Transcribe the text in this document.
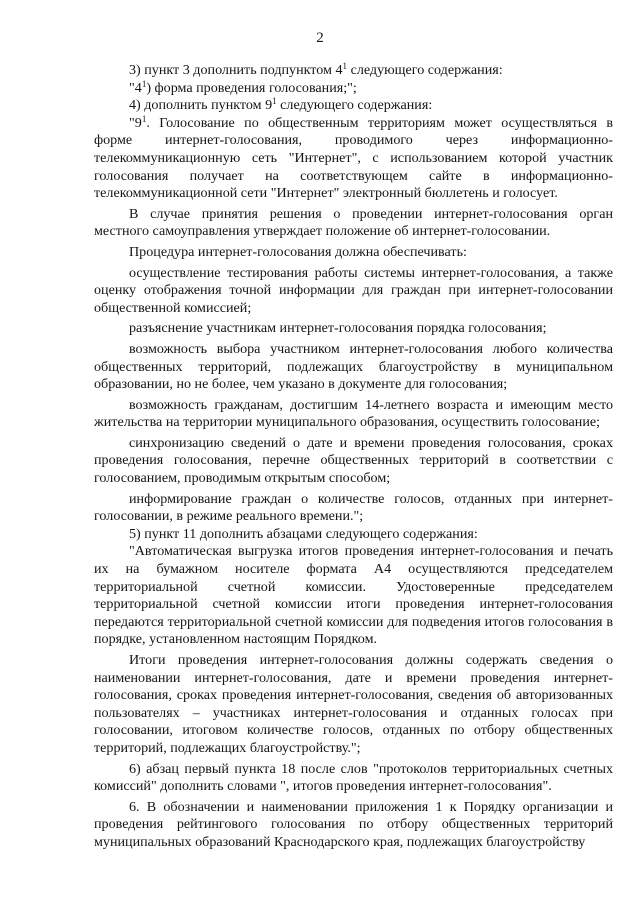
2

3) пункт 3 дополнить подпунктом $4^1$ следующего содержания:

"$4^1$) форма проведения голосования;";

4) дополнить пунктом $9^1$ следующего содержания:

"$9^1$. Голосование по общественным территориям может осуществляться в форме интернет-голосования, проводимого через информационно-телекоммуникационную сеть "Интернет", с использованием которой участник голосования получает на соответствующем сайте в информационно-телекоммуникационной сети "Интернет" электронный бюллетень и голосует.

В случае принятия решения о проведении интернет-голосования орган местного самоуправления утверждает положение об интернет-голосовании.

Процедура интернет-голосования должна обеспечивать:

осуществление тестирования работы системы интернет-голосования, а также оценку отображения точной информации для граждан при интернет-голосовании общественной комиссией;

разъяснение участникам интернет-голосования порядка голосования;

возможность выбора участником интернет-голосования любого количества общественных территорий, подлежащих благоустройству в муниципальном образовании, но не более, чем указано в документе для голосования;

возможность гражданам, достигшим 14-летнего возраста и имеющим место жительства на территории муниципального образования, осуществить голосование;

синхронизацию сведений о дате и времени проведения голосования, сроках проведения голосования, перечне общественных территорий в соответствии с голосованием, проводимым открытым способом;

информирование граждан о количестве голосов, отданных при интернет-голосовании, в режиме реального времени.";

5) пункт 11 дополнить абзацами следующего содержания:

"Автоматическая выгрузка итогов проведения интернет-голосования и печать их на бумажном носителе формата А4 осуществляются председателем территориальной счетной комиссии. Удостоверенные председателем территориальной счетной комиссии итоги проведения интернет-голосования передаются территориальной счетной комиссии для подведения итогов голосования в порядке, установленном настоящим Порядком.

Итоги проведения интернет-голосования должны содержать сведения о наименовании интернет-голосования, дате и времени проведения интернет-голосования, сроках проведения интернет-голосования, сведения об авторизованных пользователях – участниках интернет-голосования и отданных голосах при голосовании, итоговом количестве голосов, отданных по отбору общественных территорий, подлежащих благоустройству.";

6) абзац первый пункта 18 после слов "протоколов территориальных счетных комиссий" дополнить словами ", итогов проведения интернет-голосования".

6. В обозначении и наименовании приложения 1 к Порядку организации и проведения рейтингового голосования по отбору общественных территорий муниципальных образований Краснодарского края, подлежащих благоустройству
